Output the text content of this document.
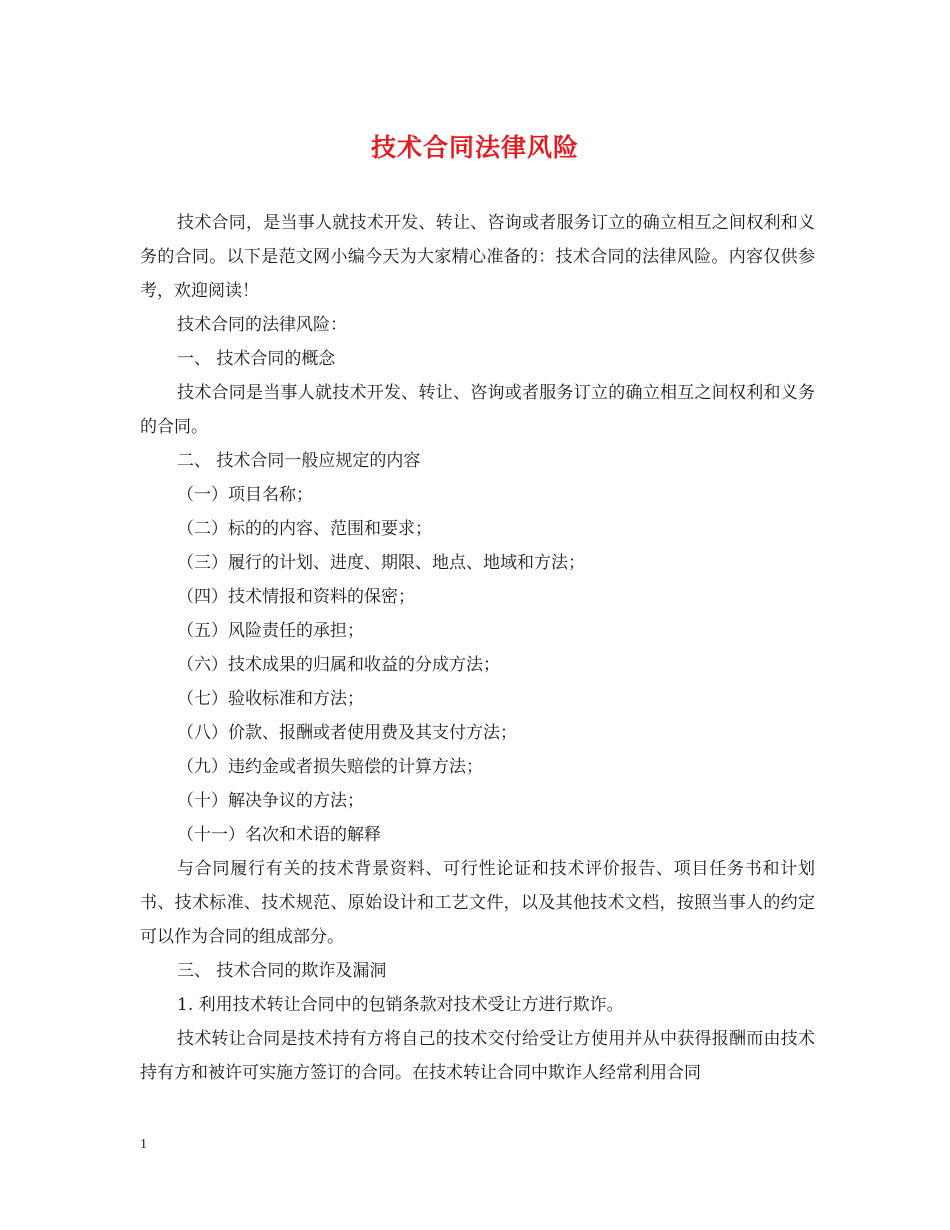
技术合同法律风险

技术合同，是当事人就技术开发、转让、咨询或者服务订立的确立相互之间权利和义务的合同。以下是范文网小编今天为大家精心准备的：技术合同的法律风险。内容仅供参考，欢迎阅读！

技术合同的法律风险：

一、 技术合同的概念

技术合同是当事人就技术开发、转让、咨询或者服务订立的确立相互之间权利和义务的合同。

二、 技术合同一般应规定的内容

（一）项目名称；

（二）标的的内容、范围和要求；

（三）履行的计划、进度、期限、地点、地域和方法；

（四）技术情报和资料的保密；

（五）风险责任的承担；

（六）技术成果的归属和收益的分成方法；

（七）验收标准和方法；

（八）价款、报酬或者使用费及其支付方法；

（九）违约金或者损失赔偿的计算方法；

（十）解决争议的方法；

（十一）名次和术语的解释

与合同履行有关的技术背景资料、可行性论证和技术评价报告、项目任务书和计划书、技术标准、技术规范、原始设计和工艺文件，以及其他技术文档，按照当事人的约定可以作为合同的组成部分。

三、 技术合同的欺诈及漏洞

1. 利用技术转让合同中的包销条款对技术受让方进行欺诈。

技术转让合同是技术持有方将自己的技术交付给受让方使用并从中获得报酬而由技术持有方和被许可实施方签订的合同。在技术转让合同中欺诈人经常利用合同

1
